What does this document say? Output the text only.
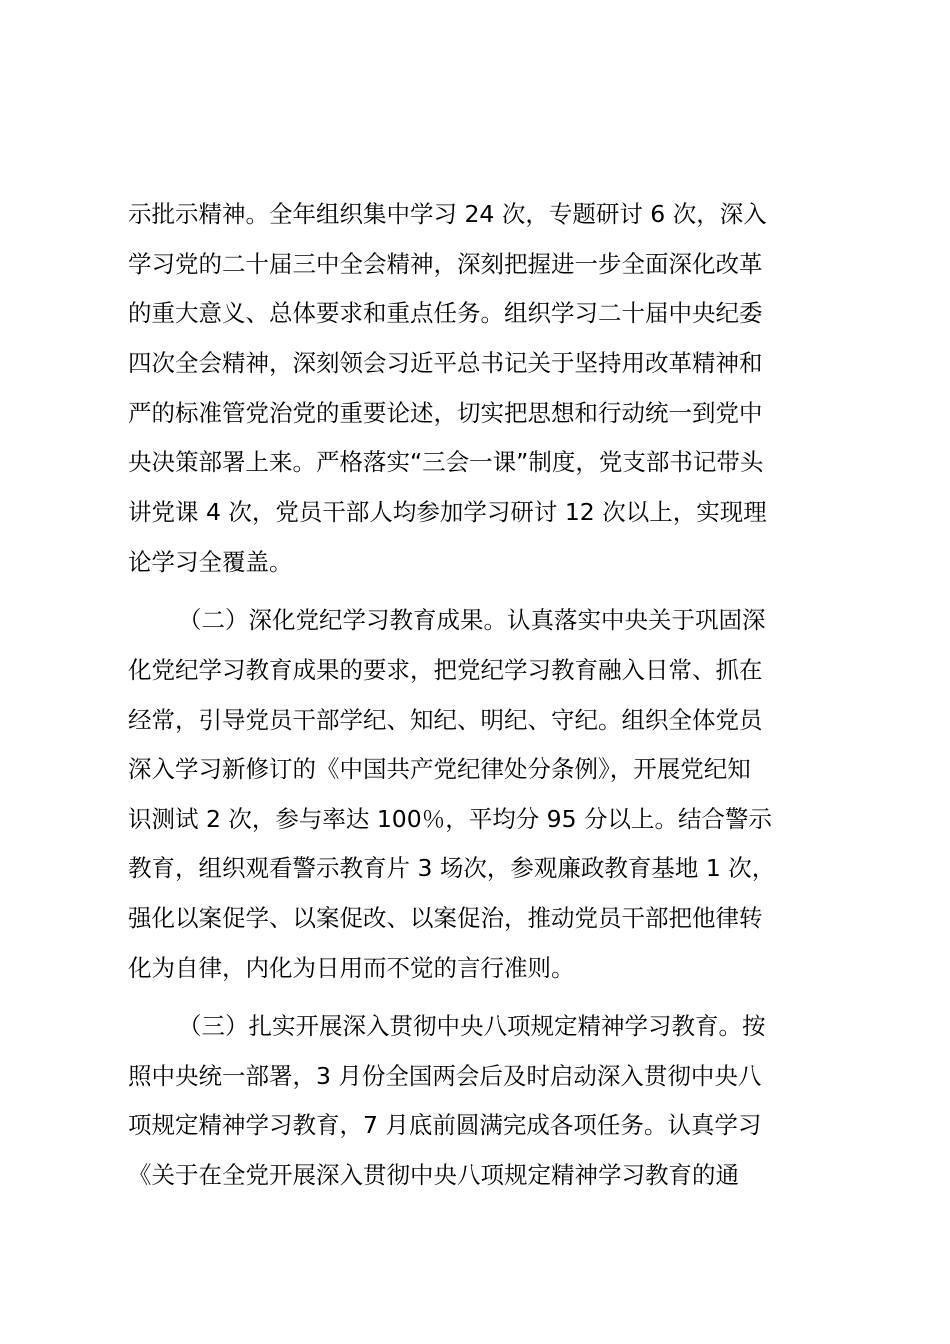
示批示精神。全年组织集中学习 24 次，专题研讨 6 次，深入
学习党的二十届三中全会精神，深刻把握进一步全面深化改革
的重大意义、总体要求和重点任务。组织学习二十届中央纪委
四次全会精神，深刻领会习近平总书记关于坚持用改革精神和
严的标准管党治党的重要论述，切实把思想和行动统一到党中
央决策部署上来。严格落实“三会一课”制度，党支部书记带头
讲党课 4 次，党员干部人均参加学习研讨 12 次以上，实现理
论学习全覆盖。
（二）深化党纪学习教育成果。认真落实中央关于巩固深
化党纪学习教育成果的要求，把党纪学习教育融入日常、抓在
经常，引导党员干部学纪、知纪、明纪、守纪。组织全体党员
深入学习新修订的《中国共产党纪律处分条例》，开展党纪知
识测试 2 次，参与率达 100％，平均分 95 分以上。结合警示
教育，组织观看警示教育片 3 场次，参观廉政教育基地 1 次，
强化以案促学、以案促改、以案促治，推动党员干部把他律转
化为自律，内化为日用而不觉的言行准则。
（三）扎实开展深入贯彻中央八项规定精神学习教育。按
照中央统一部署，3 月份全国两会后及时启动深入贯彻中央八
项规定精神学习教育，7 月底前圆满完成各项任务。认真学习
《关于在全党开展深入贯彻中央八项规定精神学习教育的通
